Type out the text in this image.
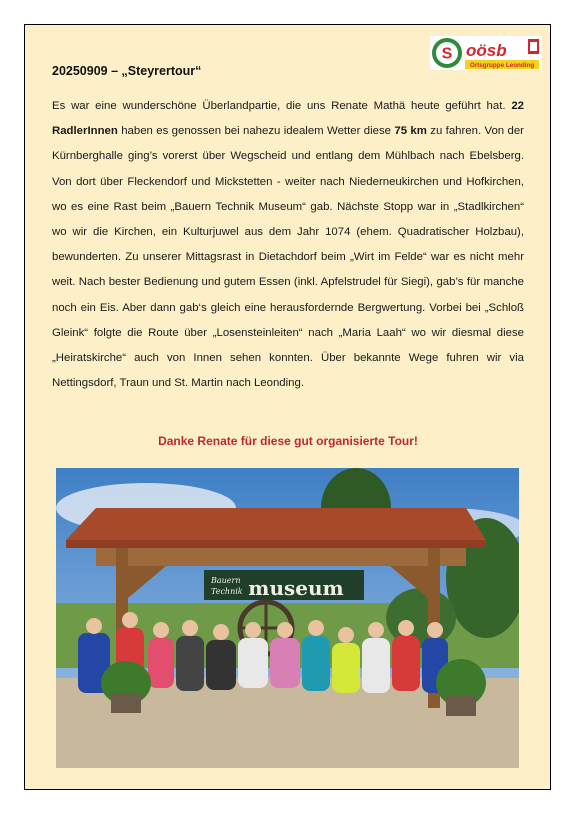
S oösb
Ortsgruppe Leonding
20250909 – „Steyrertour“
Es war eine wunderschöne Überlandpartie, die uns Renate Mathä heute geführt hat. 22 RadlerInnen haben es genossen bei nahezu idealem Wetter diese 75 km zu fahren. Von der Kürnberghalle ging’s vorerst über Wegscheid und entlang dem Mühlbach nach Ebelsberg. Von dort über Fleckendorf und Mickstetten - weiter nach Niederneukirchen und Hofkirchen, wo es eine Rast beim „Bauern Technik Museum“ gab. Nächste Stopp war in „Stadlkirchen“ wo wir die Kirchen, ein Kulturjuwel aus dem Jahr 1074 (ehem. Quadratischer Holzbau), bewunderten. Zu unserer Mittagsrast in Dietachdorf beim „Wirt im Felde“ war es nicht mehr weit. Nach bester Bedienung und gutem Essen (inkl. Apfelstrudel für Siegi), gab’s für manche noch ein Eis. Aber dann gab‘s gleich eine herausfordernde Bergwertung. Vorbei bei „Schloß Gleink“ folgte die Route über „Losensteinleiten“ nach „Maria Laah“ wo wir diesmal diese „Heiratskirche“ auch von Innen sehen konnten. Über bekannte Wege fuhren wir via Nettingsdorf, Traun und St. Martin nach Leonding.
Danke Renate für diese gut organisierte Tour!
Bauern
Technik museum
